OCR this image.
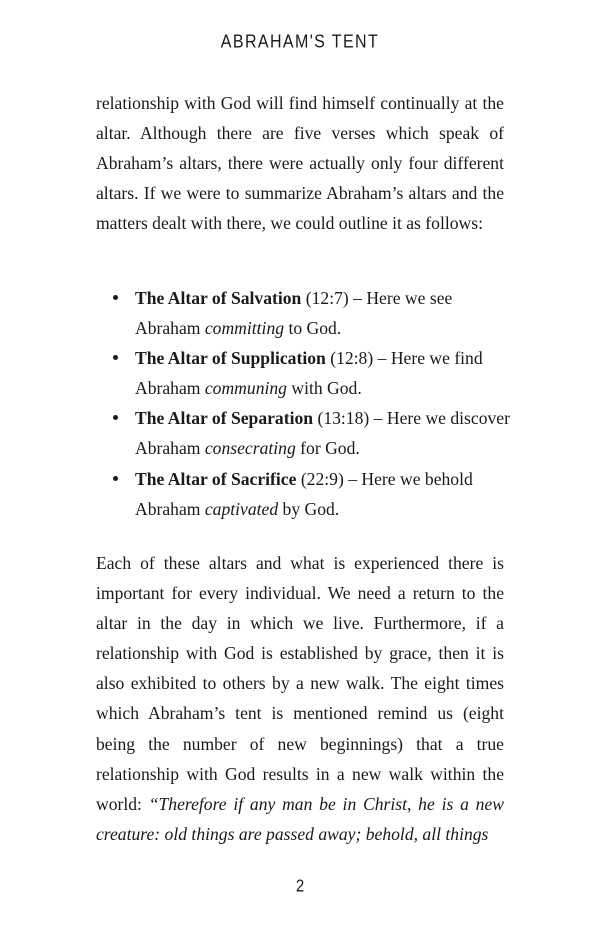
ABRAHAM'S TENT

relationship with God will find himself continually at the altar. Although there are five verses which speak of Abraham’s altars, there were actually only four different altars. If we were to summarize Abraham’s altars and the matters dealt with there, we could outline it as follows:

The Altar of Salvation (12:7) – Here we see Abraham committing to God.
The Altar of Supplication (12:8) – Here we find Abraham communing with God.
The Altar of Separation (13:18) – Here we discover Abraham consecrating for God.
The Altar of Sacrifice (22:9) – Here we behold Abraham captivated by God.

Each of these altars and what is experienced there is important for every individual. We need a return to the altar in the day in which we live. Furthermore, if a relationship with God is established by grace, then it is also exhibited to others by a new walk. The eight times which Abraham’s tent is mentioned remind us (eight being the number of new beginnings) that a true relationship with God results in a new walk within the world: “Therefore if any man be in Christ, he is a new creature: old things are passed away; behold, all things

2
